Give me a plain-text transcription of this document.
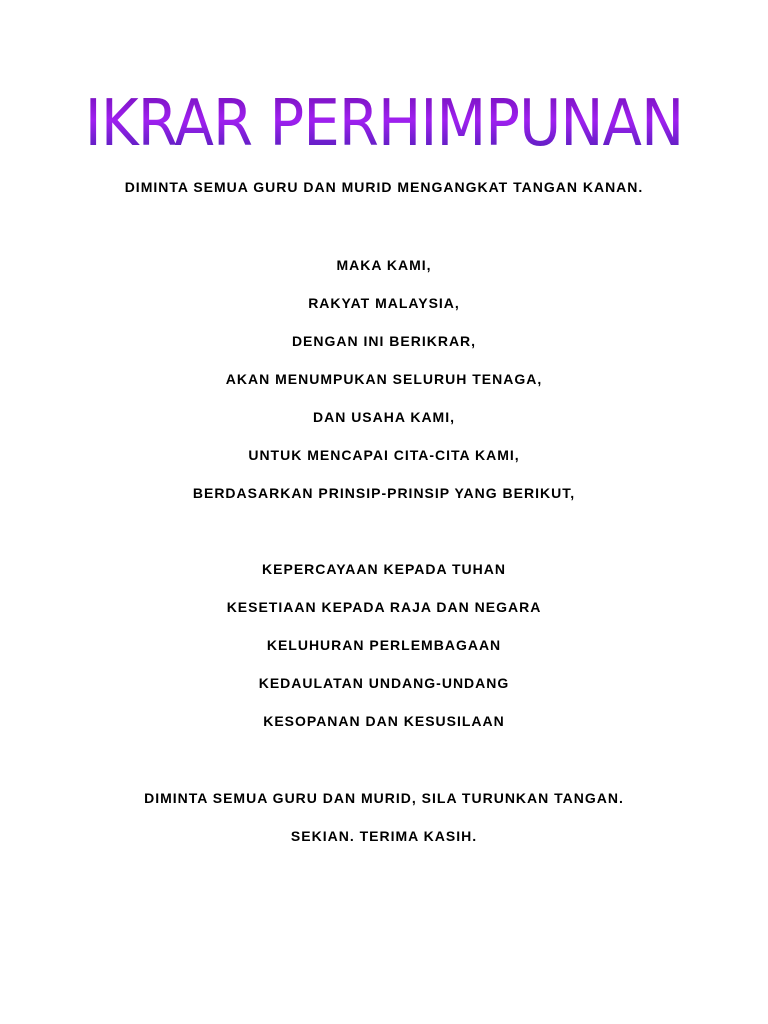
IKRAR PERHIMPUNAN
DIMINTA SEMUA GURU DAN MURID MENGANGKAT TANGAN KANAN.
MAKA KAMI,
RAKYAT MALAYSIA,
DENGAN INI BERIKRAR,
AKAN MENUMPUKAN SELURUH TENAGA,
DAN USAHA KAMI,
UNTUK MENCAPAI CITA-CITA KAMI,
BERDASARKAN PRINSIP-PRINSIP YANG BERIKUT,
KEPERCAYAAN KEPADA TUHAN
KESETIAAN KEPADA RAJA DAN NEGARA
KELUHURAN PERLEMBAGAAN
KEDAULATAN UNDANG-UNDANG
KESOPANAN DAN KESUSILAAN
DIMINTA SEMUA GURU DAN MURID, SILA TURUNKAN TANGAN.
SEKIAN. TERIMA KASIH.
